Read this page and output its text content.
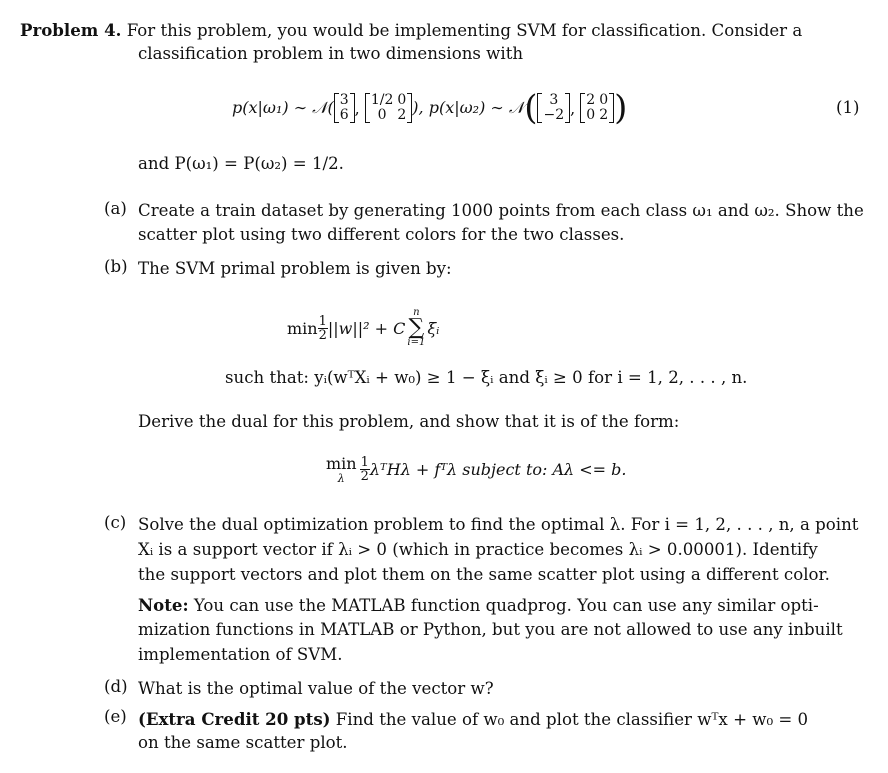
Problem 4. For this problem, you would be implementing SVM for classification. Consider a
classification problem in two dimensions with
p(x|ω₁) ∼ 𝒩( 3
6 , 1/2	0
0	2 ), p(x|ω₂) ∼ 𝒩 ( 3
−2 , 2	0
0	2 )	(1)
and P(ω₁) = P(ω₂) = 1/2.
(a) Create a train dataset by generating 1000 points from each class ω₁ and ω₂. Show the
scatter plot using two different colors for the two classes.
(b) The SVM primal problem is given by:
$\min \frac{1}{2} ||w||^2 + C$
n
∑
i=1
ξᵢ
such that: yᵢ(wᵀXᵢ + w₀) ≥ 1 − ξᵢ and ξᵢ ≥ 0 for i = 1, 2, . . . , n.
Derive the dual for this problem, and show that it is of the form:
min
λ $\frac{1}{2}$ λᵀHλ + fᵀλ subject to: Aλ <= b.
(c) Solve the dual optimization problem to find the optimal λ. For i = 1, 2, . . . , n, a point
Xᵢ is a support vector if λᵢ > 0 (which in practice becomes λᵢ > 0.00001). Identify
the support vectors and plot them on the same scatter plot using a different color.
Note: You can use the MATLAB function quadprog. You can use any similar opti-
mization functions in MATLAB or Python, but you are not allowed to use any inbuilt
implementation of SVM.
(d) What is the optimal value of the vector w?
(e) (Extra Credit 20 pts) Find the value of w₀ and plot the classifier wᵀx + w₀ = 0
on the same scatter plot.
